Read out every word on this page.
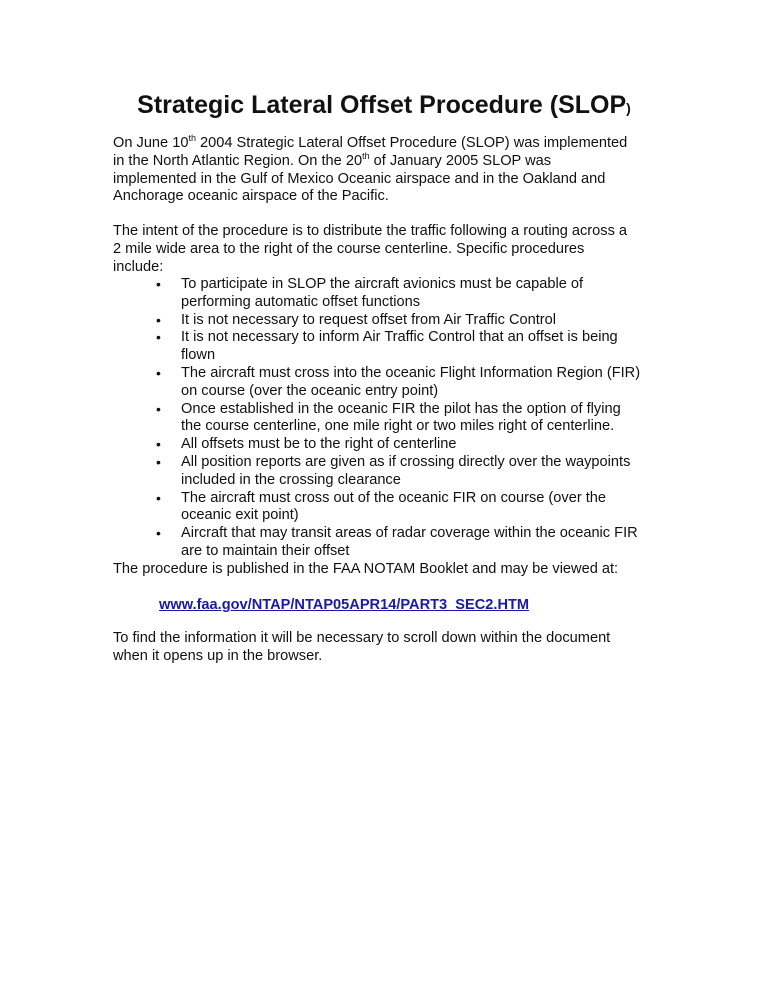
Strategic Lateral Offset Procedure (SLOP)
On June 10th 2004 Strategic Lateral Offset Procedure (SLOP) was implemented
in the North Atlantic Region. On the 20th of January 2005 SLOP was
implemented in the Gulf of Mexico Oceanic airspace and in the Oakland and
Anchorage oceanic airspace of the Pacific.
The intent of the procedure is to distribute the traffic following a routing across a
2 mile wide area to the right of the course centerline. Specific procedures
include:
• To participate in SLOP the aircraft avionics must be capable of
performing automatic offset functions
• It is not necessary to request offset from Air Traffic Control
• It is not necessary to inform Air Traffic Control that an offset is being
flown
• The aircraft must cross into the oceanic Flight Information Region (FIR)
on course (over the oceanic entry point)
• Once established in the oceanic FIR the pilot has the option of flying
the course centerline, one mile right or two miles right of centerline.
• All offsets must be to the right of centerline
• All position reports are given as if crossing directly over the waypoints
included in the crossing clearance
• The aircraft must cross out of the oceanic FIR on course (over the
oceanic exit point)
• Aircraft that may transit areas of radar coverage within the oceanic FIR
are to maintain their offset
The procedure is published in the FAA NOTAM Booklet and may be viewed at:
www.faa.gov/NTAP/NTAP05APR14/PART3_SEC2.HTM
To find the information it will be necessary to scroll down within the document
when it opens up in the browser.
